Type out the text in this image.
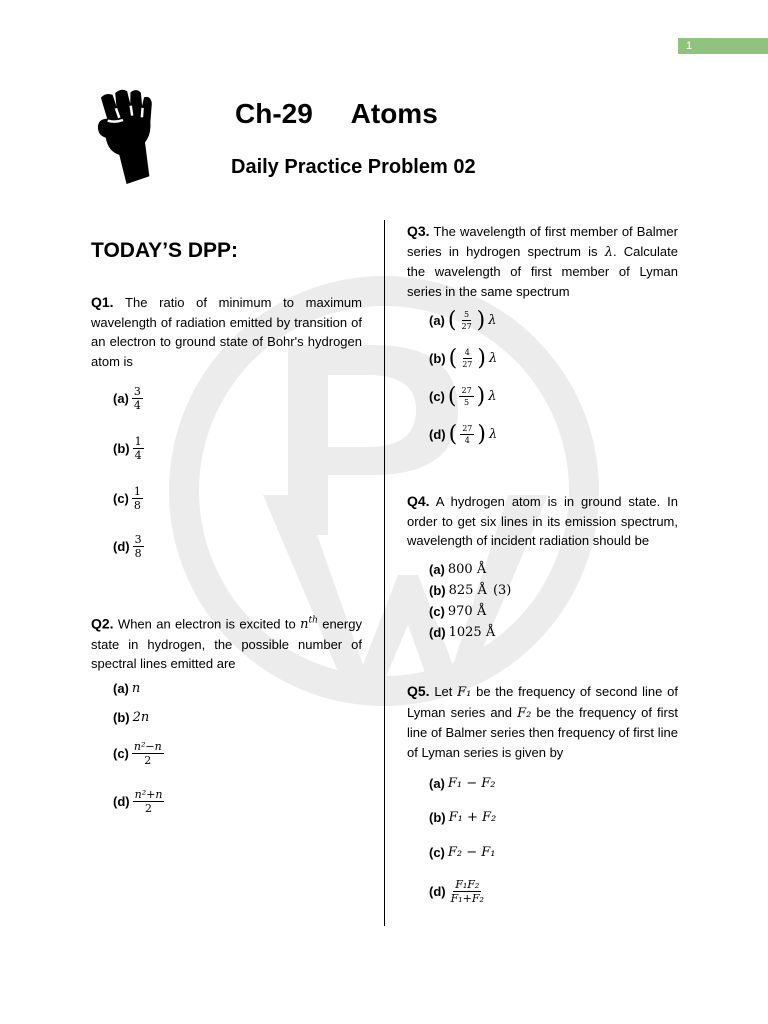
1
Ch-29 Atoms
Daily Practice Problem 02
TODAY’S DPP:
Q1. The ratio of minimum to maximum wavelength of radiation emitted by transition of an electron to ground state of Bohr's hydrogen atom is
$(a) \frac{3}{4}$
$(b) \frac{1}{4}$
$(c) \frac{1}{8}$
$(d) \frac{3}{8}$
Q2. When an electron is excited to $n^{th}$ energy state in hydrogen, the possible number of spectral lines emitted are
(a) n
(b) 2n
$(c) \frac{\text{n²−n}}{2}$
$(d) \frac{\text{n²+n}}{2}$
Q3. The wavelength of first member of Balmer series in hydrogen spectrum is λ. Calculate the wavelength of first member of Lyman series in the same spectrum
(a) ( $\frac{5}{27}$ ) λ
(b) ( $\frac{4}{27}$ ) λ
(c) ( $\frac{27}{5}$ ) λ
(d) ( $\frac{27}{4}$ ) λ
Q4. A hydrogen atom is in ground state. In order to get six lines in its emission spectrum, wavelength of incident radiation should be
(a) 800 Å
(b) 825 Å (3)
(c) 970 Å
(d) 1025 Å
Q5. Let F₁ be the frequency of second line of Lyman series and F₂ be the frequency of first line of Balmer series then frequency of first line of Lyman series is given by
(a) F₁ − F₂
(b) F₁ + F₂
(c) F₂ − F₁
$(d) \frac{\text{F₁F₂}}{\text{F₁+F₂}}$
